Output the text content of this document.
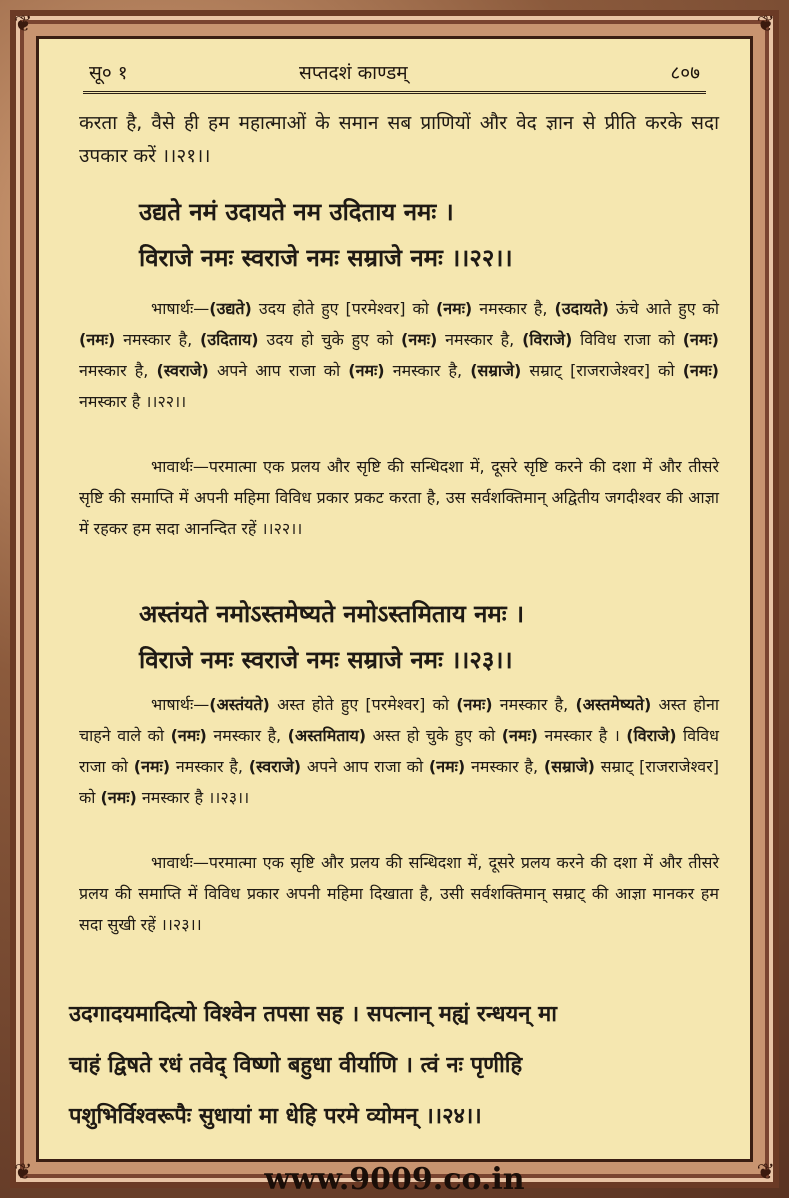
❦	❦
❦	❦
सू० १	सप्तदशं काण्डम्	८०७
करता है, वैसे ही हम महात्माओं के समान सब प्राणियों और वेद ज्ञान से प्रीति करके सदा उपकार करें ।।२१।।
उद्यते नमं उदायते नम उदिताय नमः ।
विराजे नमः स्वराजे नमः सम्राजे नमः ।।२२।।
भाषार्थः—(उद्यते) उदय होते हुए [परमेश्वर] को (नमः) नमस्कार है, (उदायते) ऊंचे आते हुए को (नमः) नमस्कार है, (उदिताय) उदय हो चुके हुए को (नमः) नमस्कार है, (विराजे) विविध राजा को (नमः) नमस्कार है, (स्वराजे) अपने आप राजा को (नमः) नमस्कार है, (सम्राजे) सम्राट् [राजराजेश्वर] को (नमः) नमस्कार है ।।२२।।
भावार्थः—परमात्मा एक प्रलय और सृष्टि की सन्धिदशा में, दूसरे सृष्टि करने की दशा में और तीसरे सृष्टि की समाप्ति में अपनी महिमा विविध प्रकार प्रकट करता है, उस सर्वशक्तिमान् अद्वितीय जगदीश्वर की आज्ञा में रहकर हम सदा आनन्दित रहें ।।२२।।
अस्तंयते नमोऽस्तमेष्यते नमोऽस्तमिताय नमः ।
विराजे नमः स्वराजे नमः सम्राजे नमः ।।२३।।
भाषार्थः—(अस्तंयते) अस्त होते हुए [परमेश्वर] को (नमः) नमस्कार है, (अस्तमेष्यते) अस्त होना चाहने वाले को (नमः) नमस्कार है, (अस्तमिताय) अस्त हो चुके हुए को (नमः) नमस्कार है । (विराजे) विविध राजा को (नमः) नमस्कार है, (स्वराजे) अपने आप राजा को (नमः) नमस्कार है, (सम्राजे) सम्राट् [राजराजेश्वर] को (नमः) नमस्कार है ।।२३।।
भावार्थः—परमात्मा एक सृष्टि और प्रलय की सन्धिदशा में, दूसरे प्रलय करने की दशा में और तीसरे प्रलय की समाप्ति में विविध प्रकार अपनी महिमा दिखाता है, उसी सर्वशक्तिमान् सम्राट् की आज्ञा मानकर हम सदा सुखी रहें ।।२३।।
उदगादयमादित्यो विश्वेन तपसा सह । सपत्नान् मह्यं रन्धयन् मा
चाहं द्विषते रधं तवेद् विष्णो बहुधा वीर्याणि । त्वं नः पृणीहि
पशुभिर्विश्वरूपैः सुधायां मा धेहि परमे व्योमन् ।।२४।।
www.9009.co.in
